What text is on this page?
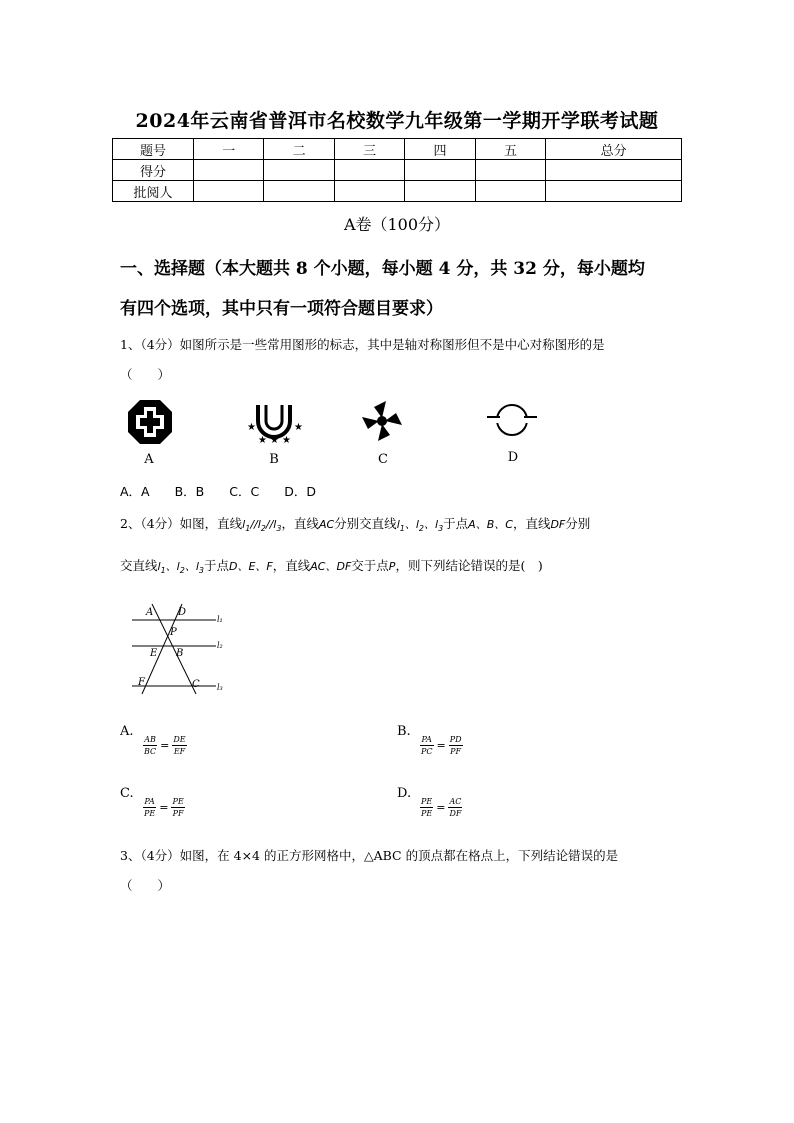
2024年云南省普洱市名校数学九年级第一学期开学联考试题
题号	一	二	三	四	五	总分
得分						
批阅人						
A卷（100分）
一、选择题（本大题共 8 个小题，每小题 4 分，共 32 分，每小题均
有四个选项，其中只有一项符合题目要求）
1、（4分）如图所示是一些常用图形的标志，其中是轴对称图形但不是中心对称图形的是
（　　）
★	★
★ ★ ★
A	B	C	D
A．A　　B．B　　C．C　　D．D
2、（4分）如图，直线$l_1//l_2//l_3$，直线AC分别交直线$l_1$、$l_2$、$l_3$于点A、B、C，直线DF分别
交直线$l_1$、$l_2$、$l_3$于点D、E、F，直线AC、DF交于点P，则下列结论错误的是(　)
A D
P
E B
F	C
l₁
l₂
l₃
A.
$\frac{AB}{BC} = \frac{DE}{EF}$
B.
$\frac{PA}{PC} = \frac{PD}{PF}$
C.
$\frac{PA}{PE} = \frac{PE}{PF}$
D.
$\frac{PE}{PE} = \frac{AC}{DF}$
3、（4分）如图，在 4×4 的正方形网格中，△ABC 的顶点都在格点上，下列结论错误的是
（　　）
